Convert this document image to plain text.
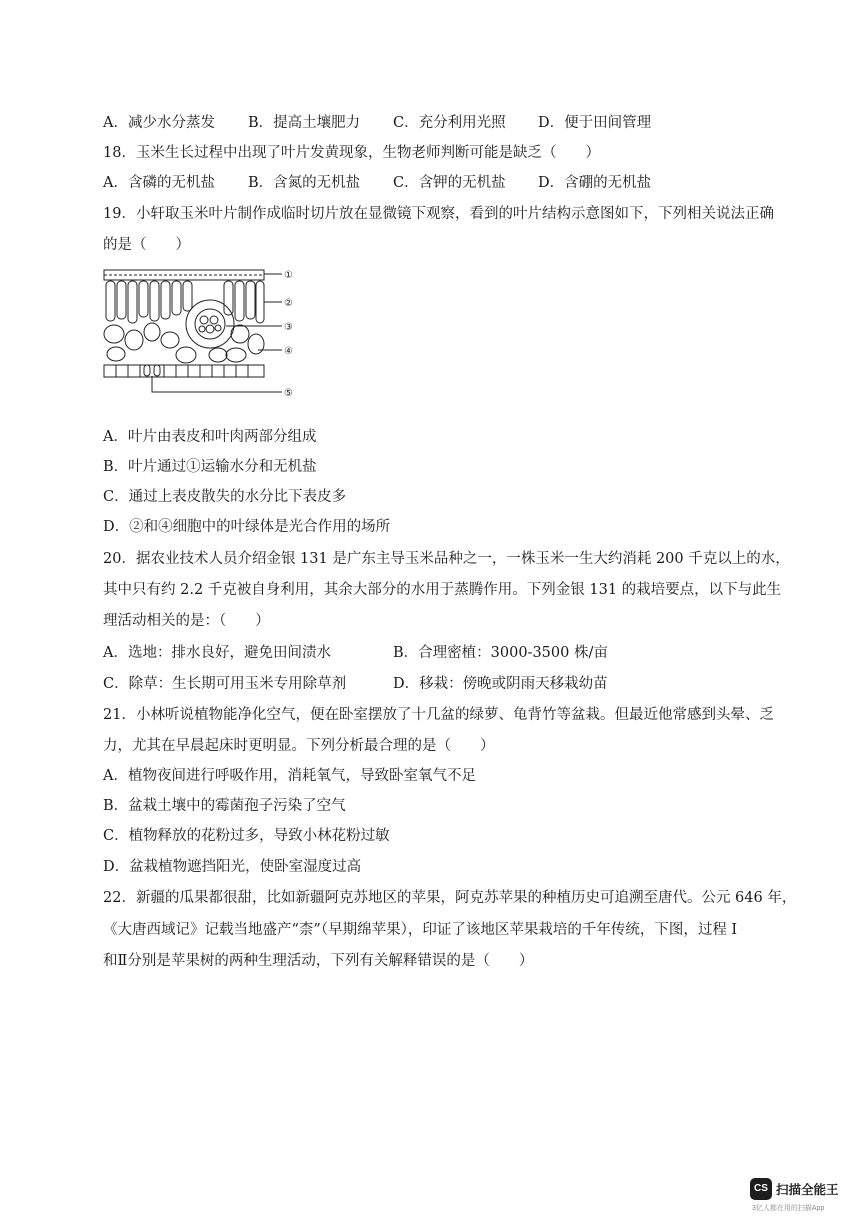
A．减少水分蒸发 B．提高土壤肥力 C．充分利用光照 D．便于田间管理
18．玉米生长过程中出现了叶片发黄现象，生物老师判断可能是缺乏（　　）
A．含磷的无机盐 B．含氮的无机盐 C．含钾的无机盐 D．含硼的无机盐
19．小轩取玉米叶片制作成临时切片放在显微镜下观察，看到的叶片结构示意图如下，下列相关说法正确
的是（　　）
①
②
③
④
⑤
A．叶片由表皮和叶肉两部分组成
B．叶片通过①运输水分和无机盐
C．通过上表皮散失的水分比下表皮多
D．②和④细胞中的叶绿体是光合作用的场所
20．据农业技术人员介绍金银 131 是广东主导玉米品种之一，一株玉米一生大约消耗 200 千克以上的水，
其中只有约 2.2 千克被自身利用，其余大部分的水用于蒸腾作用。下列金银 131 的栽培要点，以下与此生
理活动相关的是：（　　）
A．选地：排水良好，避免田间渍水	B．合理密植：3000-3500 株/亩
C．除草：生长期可用玉米专用除草剂	D．移栽：傍晚或阴雨天移栽幼苗
21．小林听说植物能净化空气，便在卧室摆放了十几盆的绿萝、龟背竹等盆栽。但最近他常感到头晕、乏
力，尤其在早晨起床时更明显。下列分析最合理的是（　　）
A．植物夜间进行呼吸作用，消耗氧气，导致卧室氧气不足
B．盆栽土壤中的霉菌孢子污染了空气
C．植物释放的花粉过多，导致小林花粉过敏
D．盆栽植物遮挡阳光，使卧室湿度过高
22．新疆的瓜果都很甜，比如新疆阿克苏地区的苹果，阿克苏苹果的种植历史可追溯至唐代。公元 646 年，
《大唐西域记》记载当地盛产“柰”（早期绵苹果），印证了该地区苹果栽培的千年传统，下图，过程 Ⅰ
和Ⅱ分别是苹果树的两种生理活动，下列有关解释错误的是（　　）
CS 扫描全能王
3亿人都在用的扫描App
